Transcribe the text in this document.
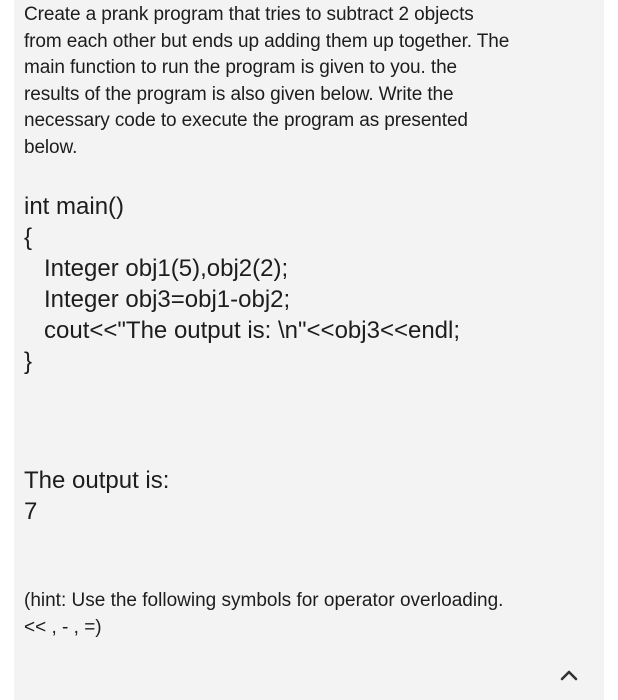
Create a prank program that tries to subtract 2 objects

from each other but ends up adding them up together. The

main function to run the program is given to you. the

results of the program is also given below. Write the

necessary code to execute the program as presented

below.

int main()
{
Integer obj1(5),obj2(2);
Integer obj3=obj1-obj2;
cout<<"The output is: \n"<<obj3<<endl;
}
The output is:
7
(hint: Use the following symbols for operator overloading.
<< , - , =)
